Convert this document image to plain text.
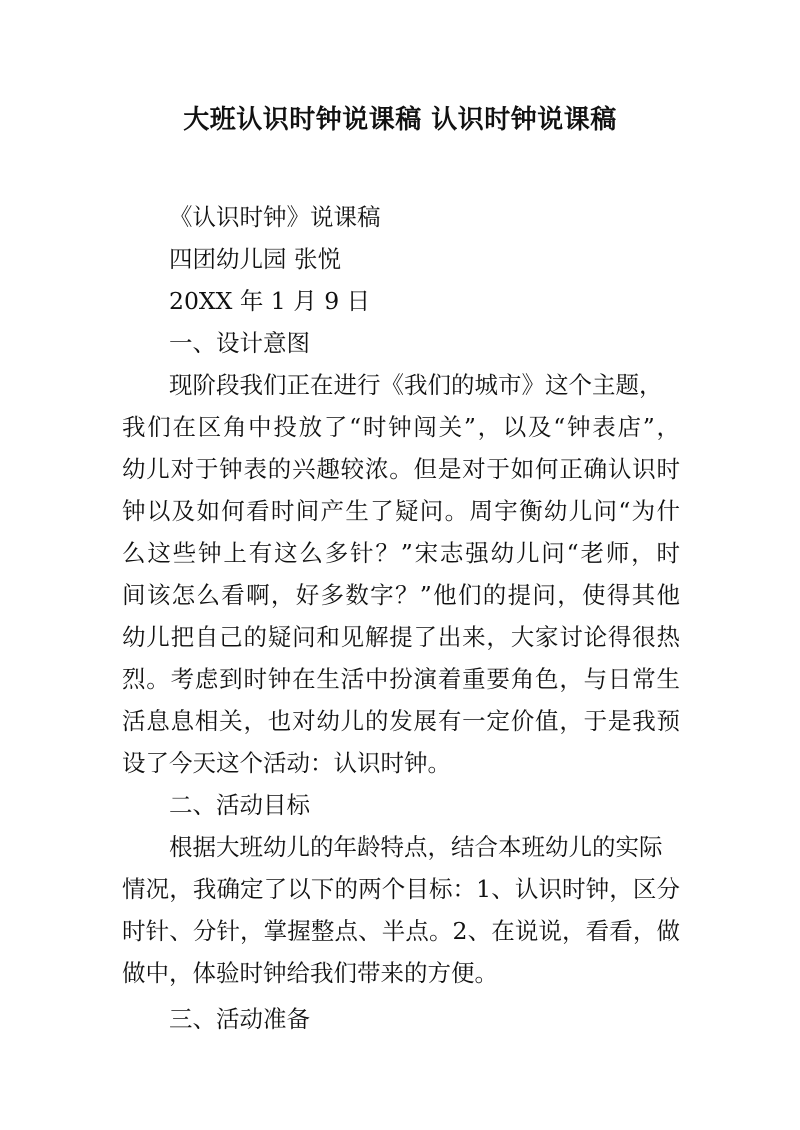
大班认识时钟说课稿 认识时钟说课稿
《认识时钟》说课稿
四团幼儿园 张悦
20XX 年 1 月 9 日
一、设计意图
现阶段我们正在进行《我们的城市》这个主题，
我们在区角中投放了“时钟闯关”，以及“钟表店”，
幼儿对于钟表的兴趣较浓。但是对于如何正确认识时
钟以及如何看时间产生了疑问。周宇衡幼儿问“为什
么这些钟上有这么多针？”宋志强幼儿问“老师，时
间该怎么看啊，好多数字？”他们的提问，使得其他
幼儿把自己的疑问和见解提了出来，大家讨论得很热
烈。考虑到时钟在生活中扮演着重要角色，与日常生
活息息相关，也对幼儿的发展有一定价值，于是我预
设了今天这个活动：认识时钟。
二、活动目标
根据大班幼儿的年龄特点，结合本班幼儿的实际
情况，我确定了以下的两个目标：1、认识时钟，区分
时针、分针，掌握整点、半点。2、在说说，看看，做
做中，体验时钟给我们带来的方便。
三、活动准备
